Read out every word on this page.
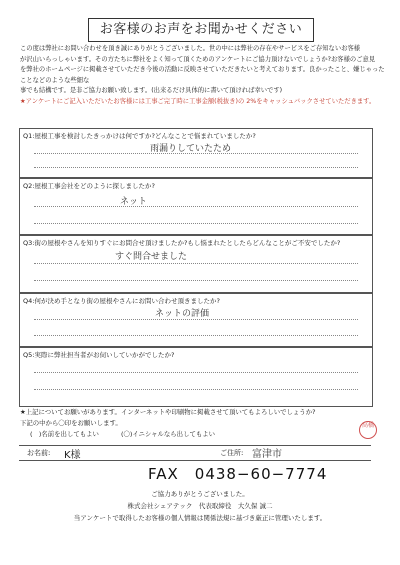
お客様のお声をお聞かせください
この度は弊社にお問い合わせを頂き誠にありがとうございました。世の中には弊社の存在やサービスをご存知ないお客様
が沢山いらっしゃいます。その方たちに弊社をよく知って頂くためのアンケートにご協力頂けないでしょうか?お客様のご意見
を弊社のホームページに掲載させていただき今後の活動に反映させていただきたいと考えております。良かったこと、嫌じゃったことなどのような些細な
事でも結構です。是非ご協力お願い致します。(出来るだけ具体的に書いて頂ければ幸いです)
★アンケートにご記入いただいたお客様には工事ご完了時に工事金額(税抜き)の 2%をキャッシュバックさせていただきます。
Q1:屋根工事を検討したきっかけは何ですか?どんなことで悩まれていましたか?
雨漏りしていたため
Q2:屋根工事会社をどのように探しましたか?
ネット
Q3:街の屋根やさんを知りすぐにお問合せ頂けましたか?もし悩まれたとしたらどんなことがご不安でしたか?
すぐ問合せました
Q4:何が決め手となり街の屋根やさんにお問い合わせ頂きましたか?
ネットの評価
Q5:実際に弊社担当者がお伺いしていかがでしたか?
★上記についてお願いがあります。インターネットや印刷物に掲載させて頂いてもよろしいでしょうか?
下記の中から〇印をお願いします。
(　)名前を出してもよい	(〇)イニシャルなら出してもよい
高橋
お名前: K様	ご住所: 富津市
FAX　0438−60−7774
ご協力ありがとうございました。
株式会社シェアテック　代表取締役　大久保 誠二
当アンケートで取得したお客様の個人情報は関係法規に基づき厳正に管理いたします。
